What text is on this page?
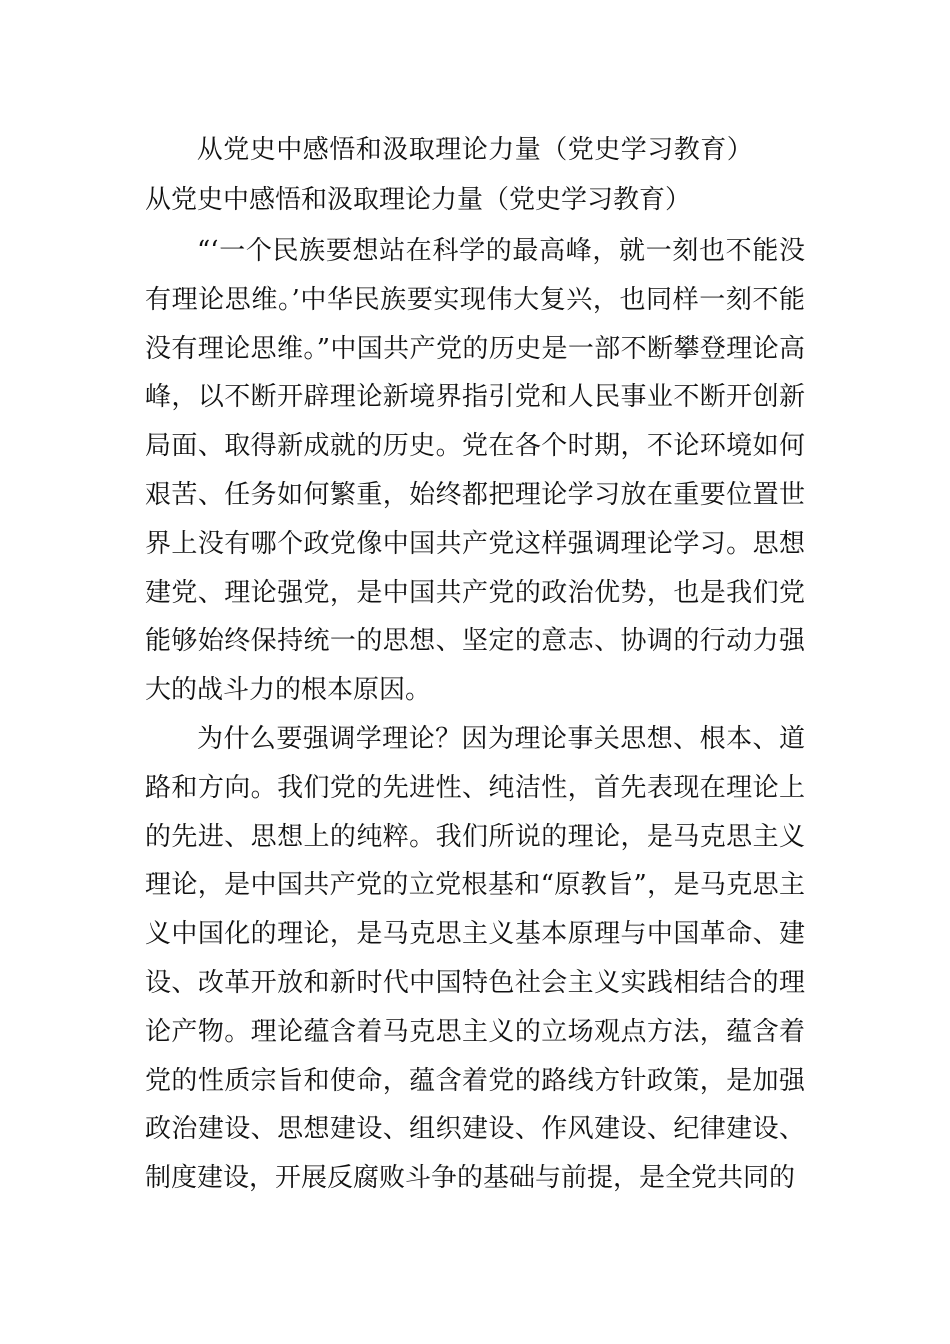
从党史中感悟和汲取理论力量（党史学习教育）
从党史中感悟和汲取理论力量（党史学习教育）

“‘一个民族要想站在科学的最高峰，就一刻也不能没有理论思维。’中华民族要实现伟大复兴，也同样一刻不能没有理论思维。”中国共产党的历史是一部不断攀登理论高峰，以不断开辟理论新境界指引党和人民事业不断开创新局面、取得新成就的历史。党在各个时期，不论环境如何艰苦、任务如何繁重，始终都把理论学习放在重要位置世界上没有哪个政党像中国共产党这样强调理论学习。思想建党、理论强党，是中国共产党的政治优势，也是我们党能够始终保持统一的思想、坚定的意志、协调的行动力强大的战斗力的根本原因。

为什么要强调学理论？因为理论事关思想、根本、道路和方向。我们党的先进性、纯洁性，首先表现在理论上的先进、思想上的纯粹。我们所说的理论，是马克思主义理论，是中国共产党的立党根基和“原教旨”，是马克思主义中国化的理论，是马克思主义基本原理与中国革命、建设、改革开放和新时代中国特色社会主义实践相结合的理论产物。理论蕴含着马克思主义的立场观点方法，蕴含着党的性质宗旨和使命，蕴含着党的路线方针政策，是加强政治建设、思想建设、组织建设、作风建设、纪律建设、制度建设，开展反腐败斗争的基础与前提，是全党共同的
